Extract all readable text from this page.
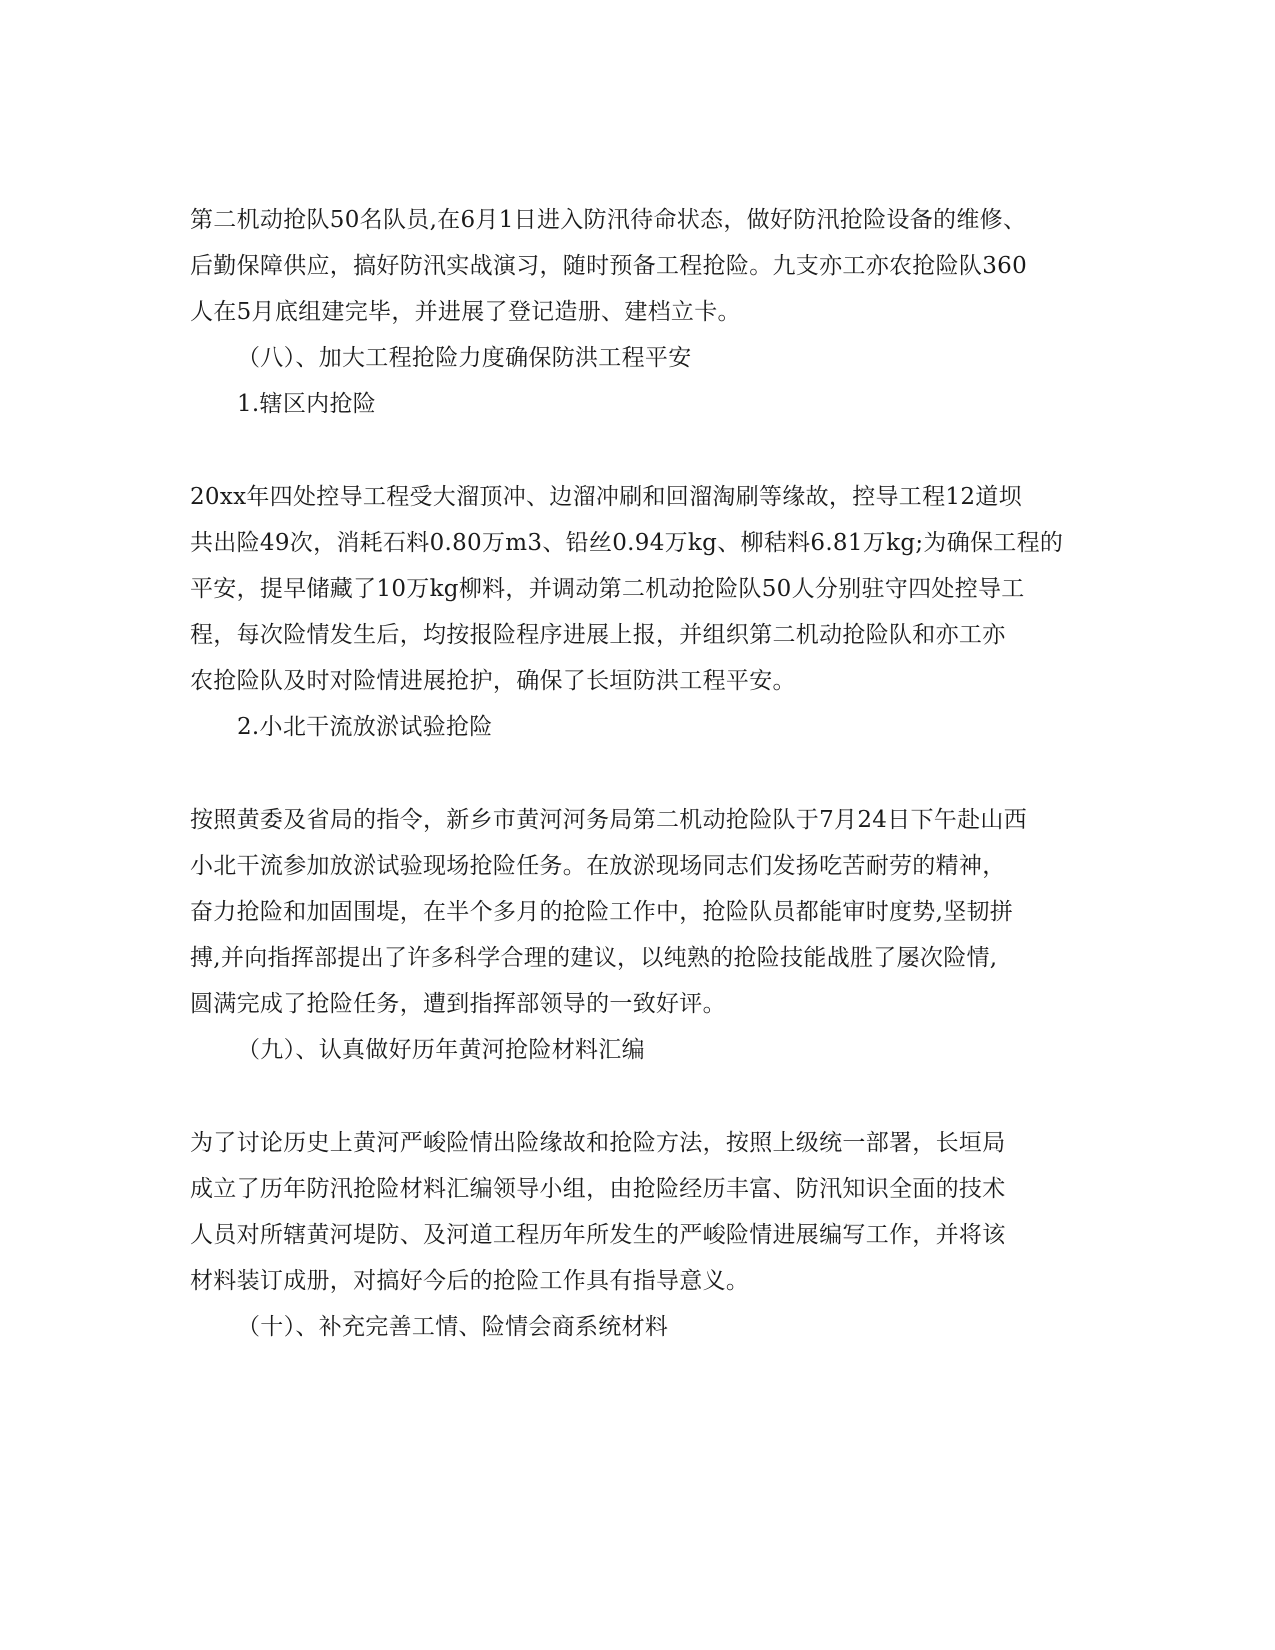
第二机动抢队50名队员,在6月1日进入防汛待命状态，做好防汛抢险设备的维修、
后勤保障供应，搞好防汛实战演习，随时预备工程抢险。九支亦工亦农抢险队360
人在5月底组建完毕，并进展了登记造册、建档立卡。
（八）、加大工程抢险力度确保防洪工程平安
1.辖区内抢险
20xx年四处控导工程受大溜顶冲、边溜冲刷和回溜淘刷等缘故，控导工程12道坝
共出险49次，消耗石料0.80万m3、铅丝0.94万kg、柳秸料6.81万kg;为确保工程的
平安，提早储藏了10万kg柳料，并调动第二机动抢险队50人分别驻守四处控导工
程，每次险情发生后，均按报险程序进展上报，并组织第二机动抢险队和亦工亦
农抢险队及时对险情进展抢护，确保了长垣防洪工程平安。
2.小北干流放淤试验抢险
按照黄委及省局的指令，新乡市黄河河务局第二机动抢险队于7月24日下午赴山西
小北干流参加放淤试验现场抢险任务。在放淤现场同志们发扬吃苦耐劳的精神，
奋力抢险和加固围堤，在半个多月的抢险工作中，抢险队员都能审时度势,坚韧拼
搏,并向指挥部提出了许多科学合理的建议，以纯熟的抢险技能战胜了屡次险情,
圆满完成了抢险任务，遭到指挥部领导的一致好评。
（九）、认真做好历年黄河抢险材料汇编
为了讨论历史上黄河严峻险情出险缘故和抢险方法，按照上级统一部署，长垣局
成立了历年防汛抢险材料汇编领导小组，由抢险经历丰富、防汛知识全面的技术
人员对所辖黄河堤防、及河道工程历年所发生的严峻险情进展编写工作，并将该
材料装订成册，对搞好今后的抢险工作具有指导意义。
（十）、补充完善工情、险情会商系统材料
